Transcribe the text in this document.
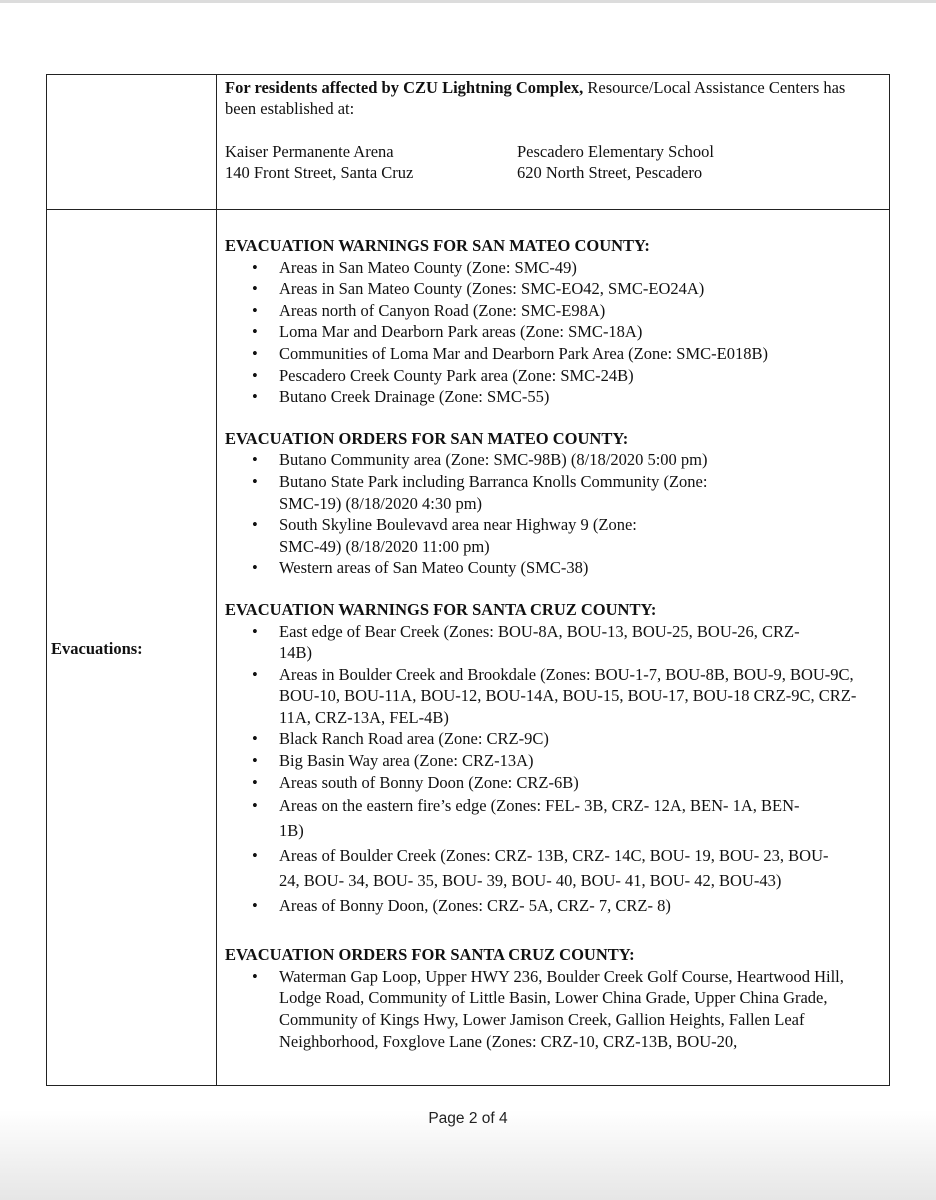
For residents affected by CZU Lightning Complex, Resource/Local Assistance Centers has been established at:
Kaiser Permanente Arena	Pescadero Elementary School
140 Front Street, Santa Cruz	620 North Street, Pescadero
Evacuations:
EVACUATION WARNINGS FOR SAN MATEO COUNTY:
• Areas in San Mateo County (Zone: SMC-49)
• Areas in San Mateo County (Zones: SMC-EO42, SMC-EO24A)
• Areas north of Canyon Road (Zone: SMC-E98A)
• Loma Mar and Dearborn Park areas (Zone: SMC-18A)
• Communities of Loma Mar and Dearborn Park Area (Zone: SMC-E018B)
• Pescadero Creek County Park area (Zone: SMC-24B)
• Butano Creek Drainage (Zone: SMC-55)
EVACUATION ORDERS FOR SAN MATEO COUNTY:
• Butano Community area (Zone: SMC-98B) (8/18/2020 5:00 pm)
• Butano State Park including Barranca Knolls Community (Zone: SMC-19) (8/18/2020 4:30 pm)
• South Skyline Boulevavd area near Highway 9 (Zone: SMC-49) (8/18/2020 11:00 pm)
• Western areas of San Mateo County (SMC-38)
EVACUATION WARNINGS FOR SANTA CRUZ COUNTY:
• East edge of Bear Creek (Zones: BOU-8A, BOU-13, BOU-25, BOU-26, CRZ-14B)
• Areas in Boulder Creek and Brookdale (Zones: BOU-1-7, BOU-8B, BOU-9, BOU-9C, BOU-10, BOU-11A, BOU-12, BOU-14A, BOU-15, BOU-17, BOU-18 CRZ-9C, CRZ-11A, CRZ-13A, FEL-4B)
• Black Ranch Road area (Zone: CRZ-9C)
• Big Basin Way area (Zone: CRZ-13A)
• Areas south of Bonny Doon (Zone: CRZ-6B)
• Areas on the eastern fire’s edge (Zones: FEL- 3B, CRZ- 12A, BEN- 1A, BEN-1B)
• Areas of Boulder Creek (Zones: CRZ- 13B, CRZ- 14C, BOU- 19, BOU- 23, BOU-24, BOU- 34, BOU- 35, BOU- 39, BOU- 40, BOU- 41, BOU- 42, BOU-43)
• Areas of Bonny Doon, (Zones: CRZ- 5A, CRZ- 7, CRZ- 8)
EVACUATION ORDERS FOR SANTA CRUZ COUNTY:
• Waterman Gap Loop, Upper HWY 236, Boulder Creek Golf Course, Heartwood Hill, Lodge Road, Community of Little Basin, Lower China Grade, Upper China Grade, Community of Kings Hwy, Lower Jamison Creek, Gallion Heights, Fallen Leaf Neighborhood, Foxglove Lane (Zones: CRZ-10, CRZ-13B, BOU-20,
Page 2 of 4
